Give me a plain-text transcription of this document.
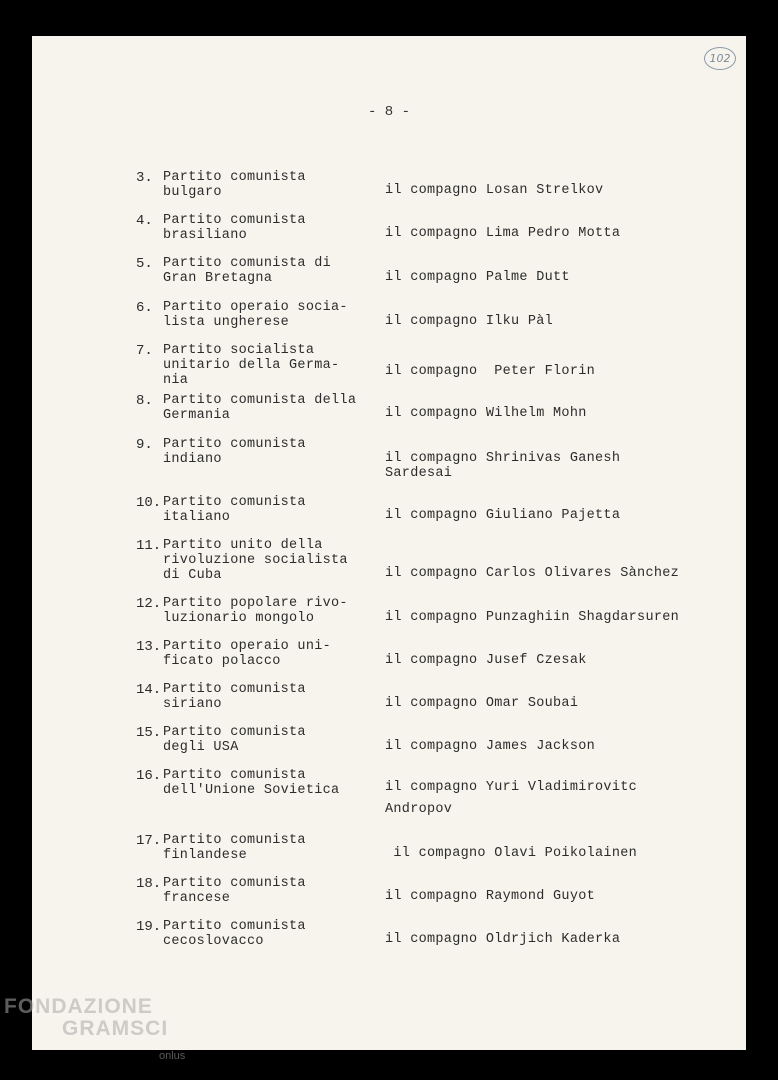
102
- 8 -
3. Partito comunista
bulgaro	il compagno Losan Strelkov
4. Partito comunista
brasiliano	il compagno Lima Pedro Motta
5. Partito comunista di
Gran Bretagna	il compagno Palme Dutt
6. Partito operaio socia-
lista ungherese	il compagno Ilku Pàl
7. Partito socialista
unitario della Germa-
nia
il compagno  Peter Florin
8. Partito comunista della
Germania	il compagno Wilhelm Mohn
9. Partito comunista
indiano	il compagno Shrinivas Ganesh
Sardesai
10. Partito comunista
italiano	il compagno Giuliano Pajetta
11. Partito unito della
rivoluzione socialista
di Cuba	il compagno Carlos Olivares Sànchez
12. Partito popolare rivo-
luzionario mongolo	il compagno Punzaghiin Shagdarsuren
13. Partito operaio uni-
ficato polacco	il compagno Jusef Czesak
14. Partito comunista
siriano	il compagno Omar Soubai
15. Partito comunista
degli USA	il compagno James Jackson
16. Partito comunista
dell'Unione Sovietica	il compagno Yuri Vladimirovitc

Andropov
17. Partito comunista
finlandese	il compagno Olavi Poikolainen
18. Partito comunista
francese	il compagno Raymond Guyot
19. Partito comunista
cecoslovacco	il compagno Oldrjich Kaderka
FONDAZIONE
GRAMSCI
onlus
